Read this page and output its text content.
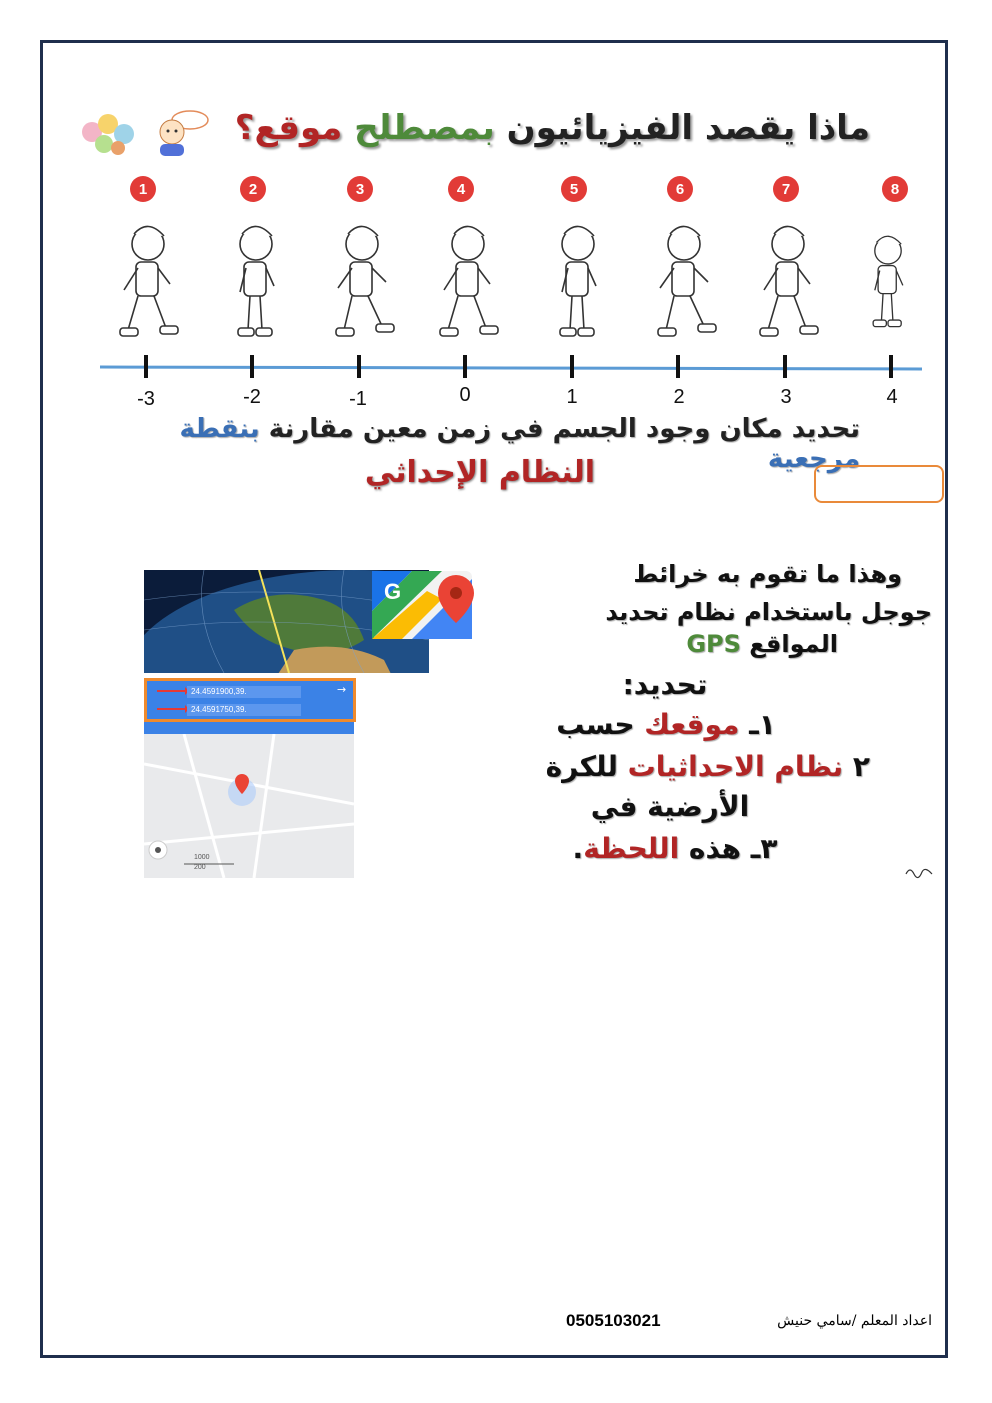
ماذا يقصد الفيزيائيون بمصطلح موقع؟
1	2	3	4	5	6	7	8
-3	-2	-1	0	1	2	3	4
تحديد مكان وجود الجسم في زمن معين مقارنة بنقطة مرجعية
النظام الإحداثي
G
24.4591900,39.
24.4591750,39.
→
1000
200
وهذا ما تقوم به خرائط
جوجل باستخدام نظام تحديد
المواقع GPS
تحديد:
١ـ موقعك حسب
٢ نظام الاحداثيات للكرة
الأرضية في
٣ـ هذه اللحظة.
0505103021	اعداد المعلم /سامي حنيش
